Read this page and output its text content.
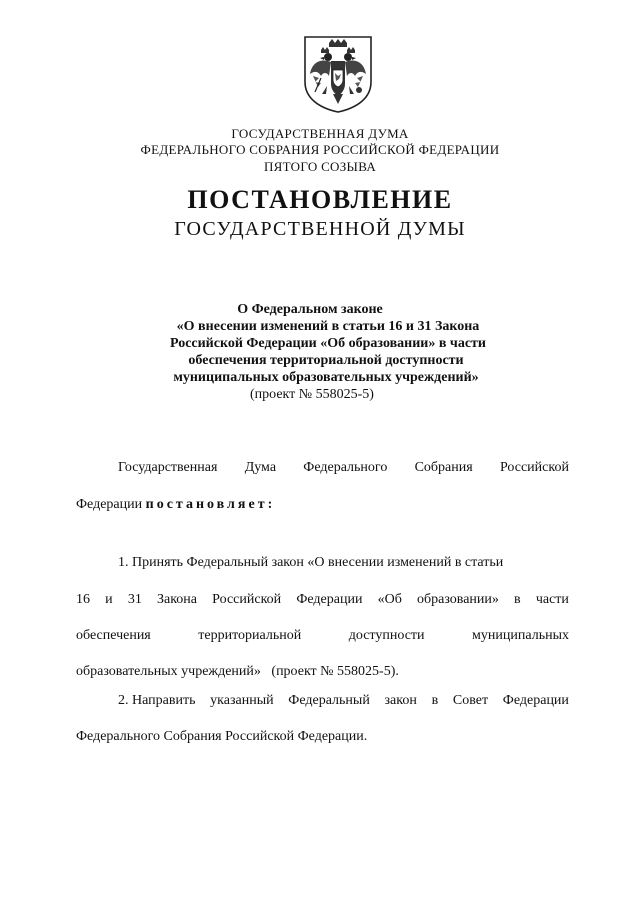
ГОСУДАРСТВЕННАЯ ДУМА
ФЕДЕРАЛЬНОГО СОБРАНИЯ РОССИЙСКОЙ ФЕДЕРАЦИИ
ПЯТОГО СОЗЫВА
ПОСТАНОВЛЕНИЕ
ГОСУДАРСТВЕННОЙ ДУМЫ
О Федеральном законе
«О внесении изменений в статьи 16 и 31 Закона
Российской Федерации «Об образовании» в части
обеспечения территориальной доступности
муниципальных образовательных учреждений»
(проект № 558025-5)
Государственная Дума Федерального Собрания Российской
Федерации постановляет:
1. Принять Федеральный закон «О внесении изменений в статьи
16 и 31 Закона Российской Федерации «Об образовании» в части
обеспечения	территориальной	доступности	муниципальных
образовательных учреждений»   (проект № 558025-5).
2. Направить указанный Федеральный закон в Совет Федерации
Федерального Собрания Российской Федерации.
